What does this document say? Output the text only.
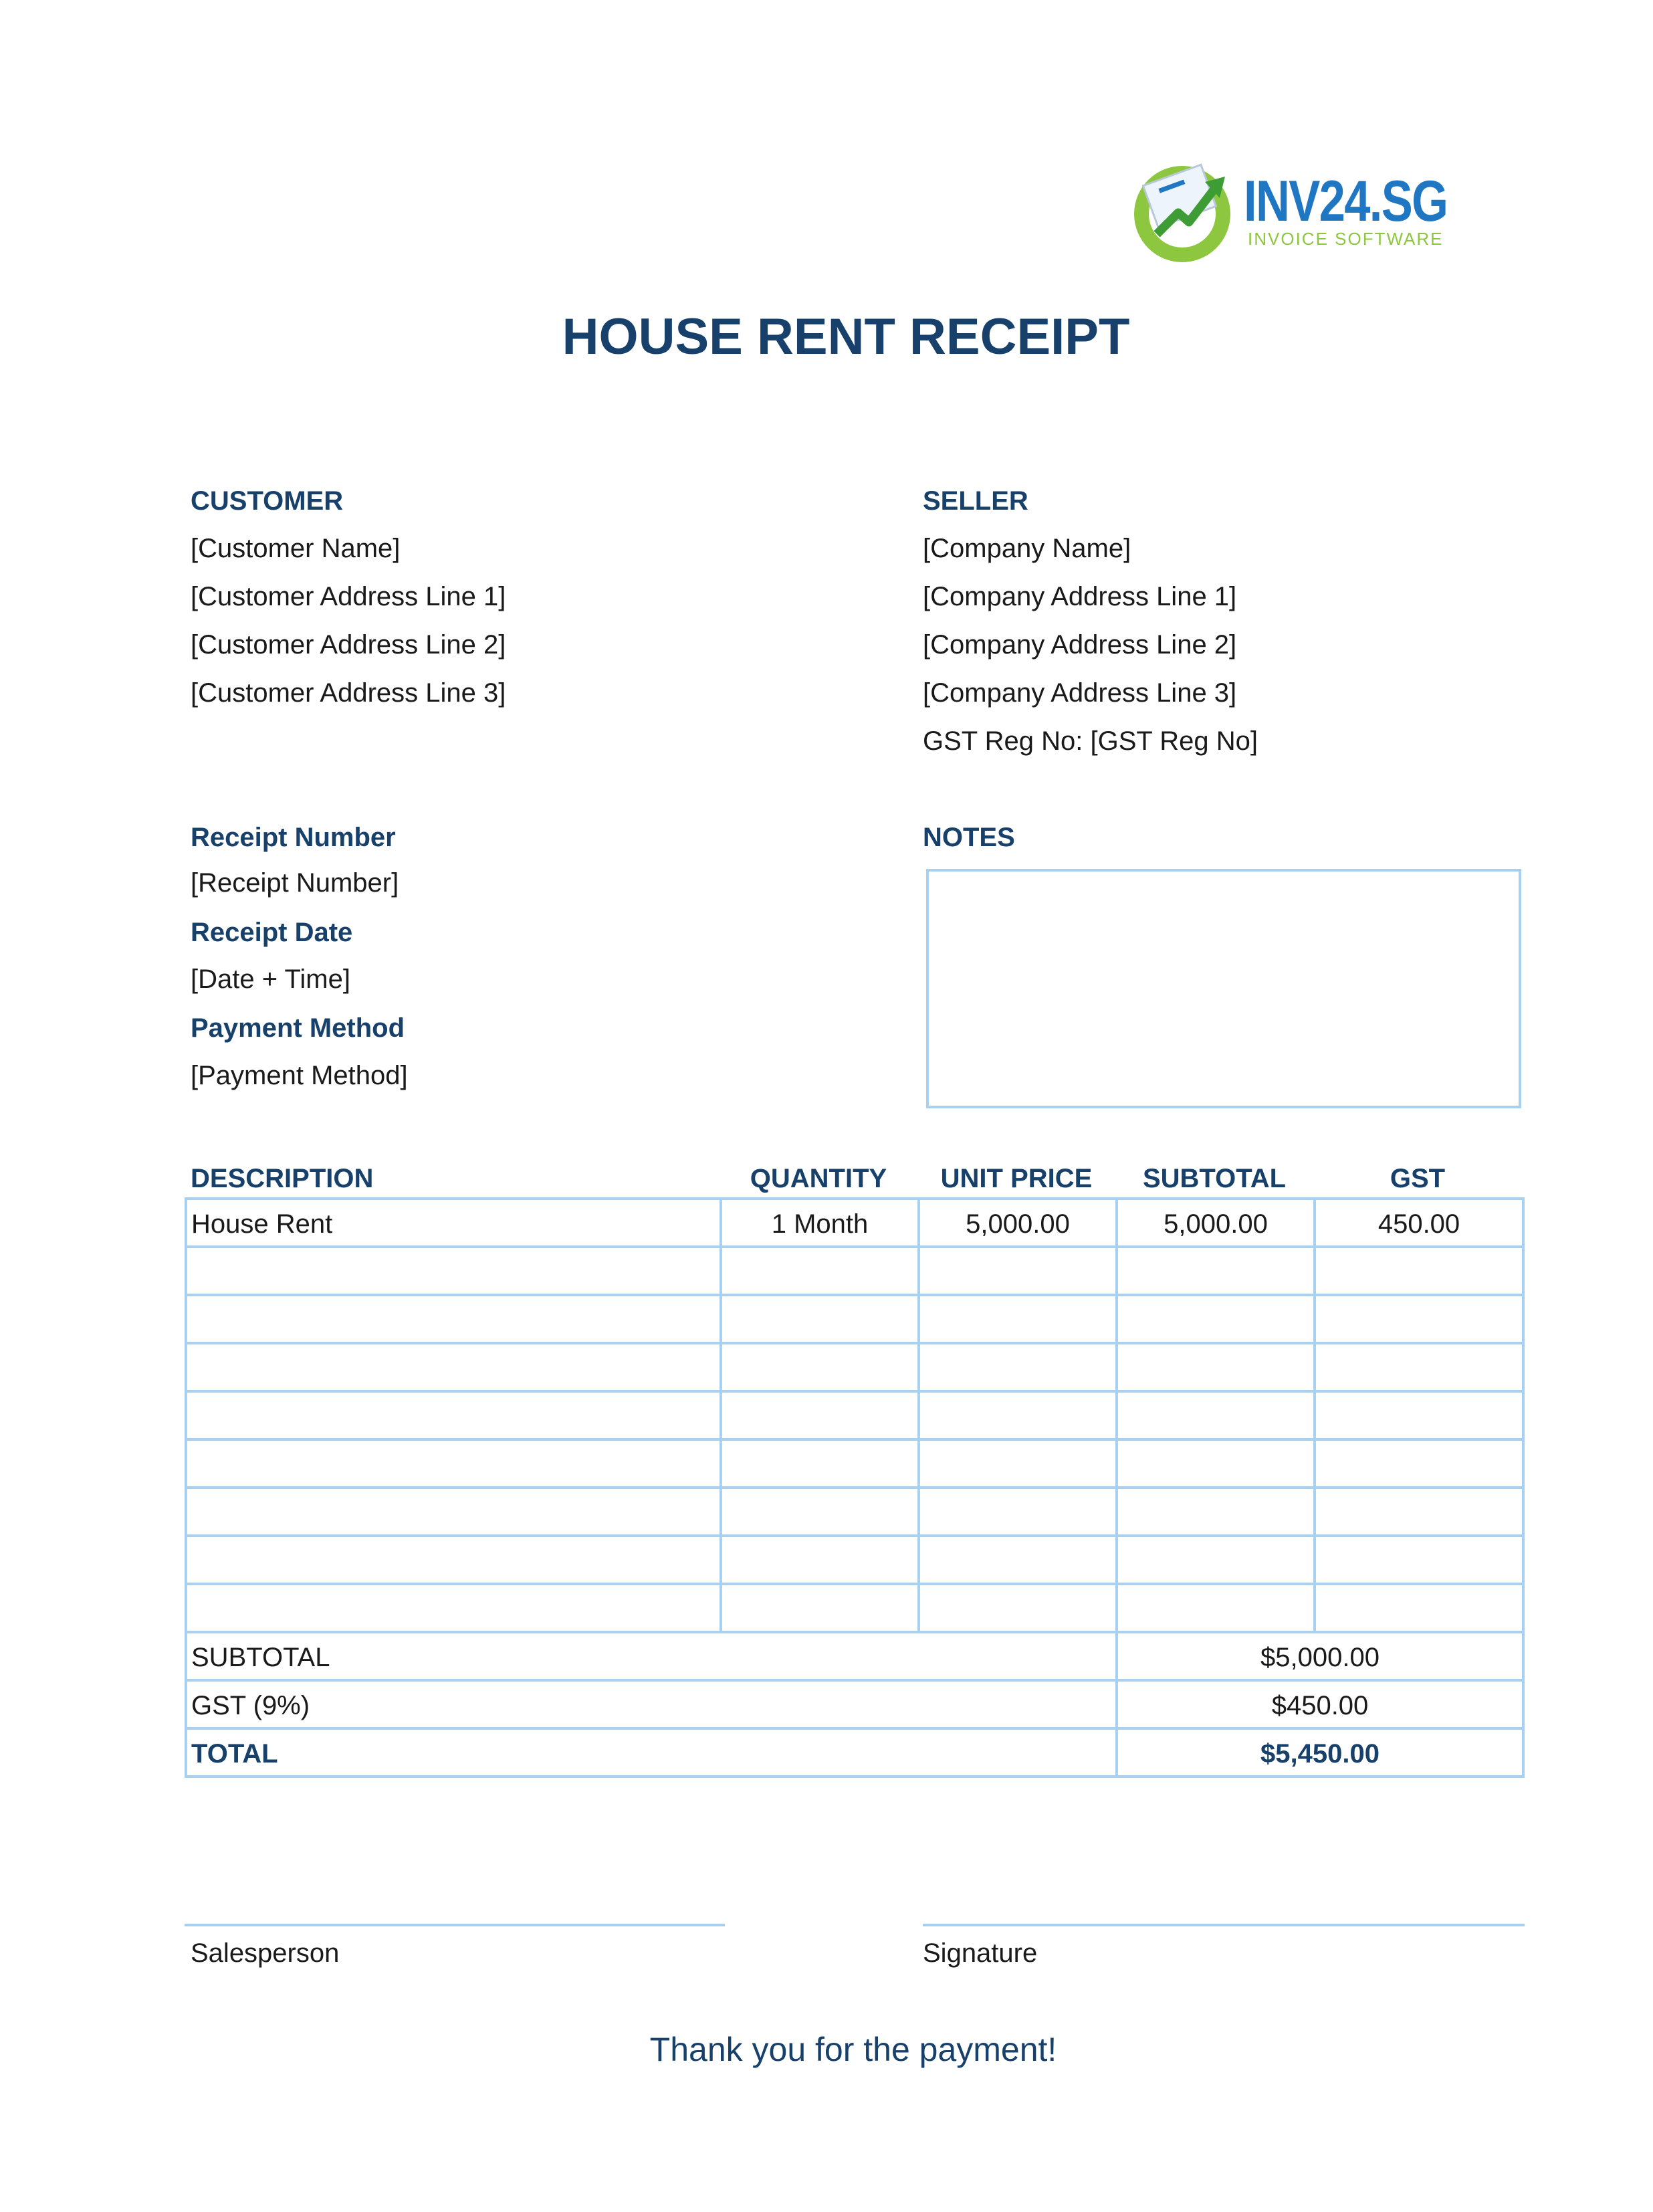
INV24.SG
INVOICE SOFTWARE
HOUSE RENT RECEIPT
CUSTOMER
[Customer Name]
[Customer Address Line 1]
[Customer Address Line 2]
[Customer Address Line 3]
SELLER
[Company Name]
[Company Address Line 1]
[Company Address Line 2]
[Company Address Line 3]
GST Reg No: [GST Reg No]
Receipt Number
[Receipt Number]
Receipt Date
[Date + Time]
Payment Method
[Payment Method]
NOTES
DESCRIPTION	QUANTITY	UNIT PRICE	SUBTOTAL	GST
House Rent	1 Month	5,000.00	5,000.00	450.00
SUBTOTAL	$5,000.00
GST (9%)	$450.00
TOTAL	$5,450.00
Salesperson	Signature
Thank you for the payment!
